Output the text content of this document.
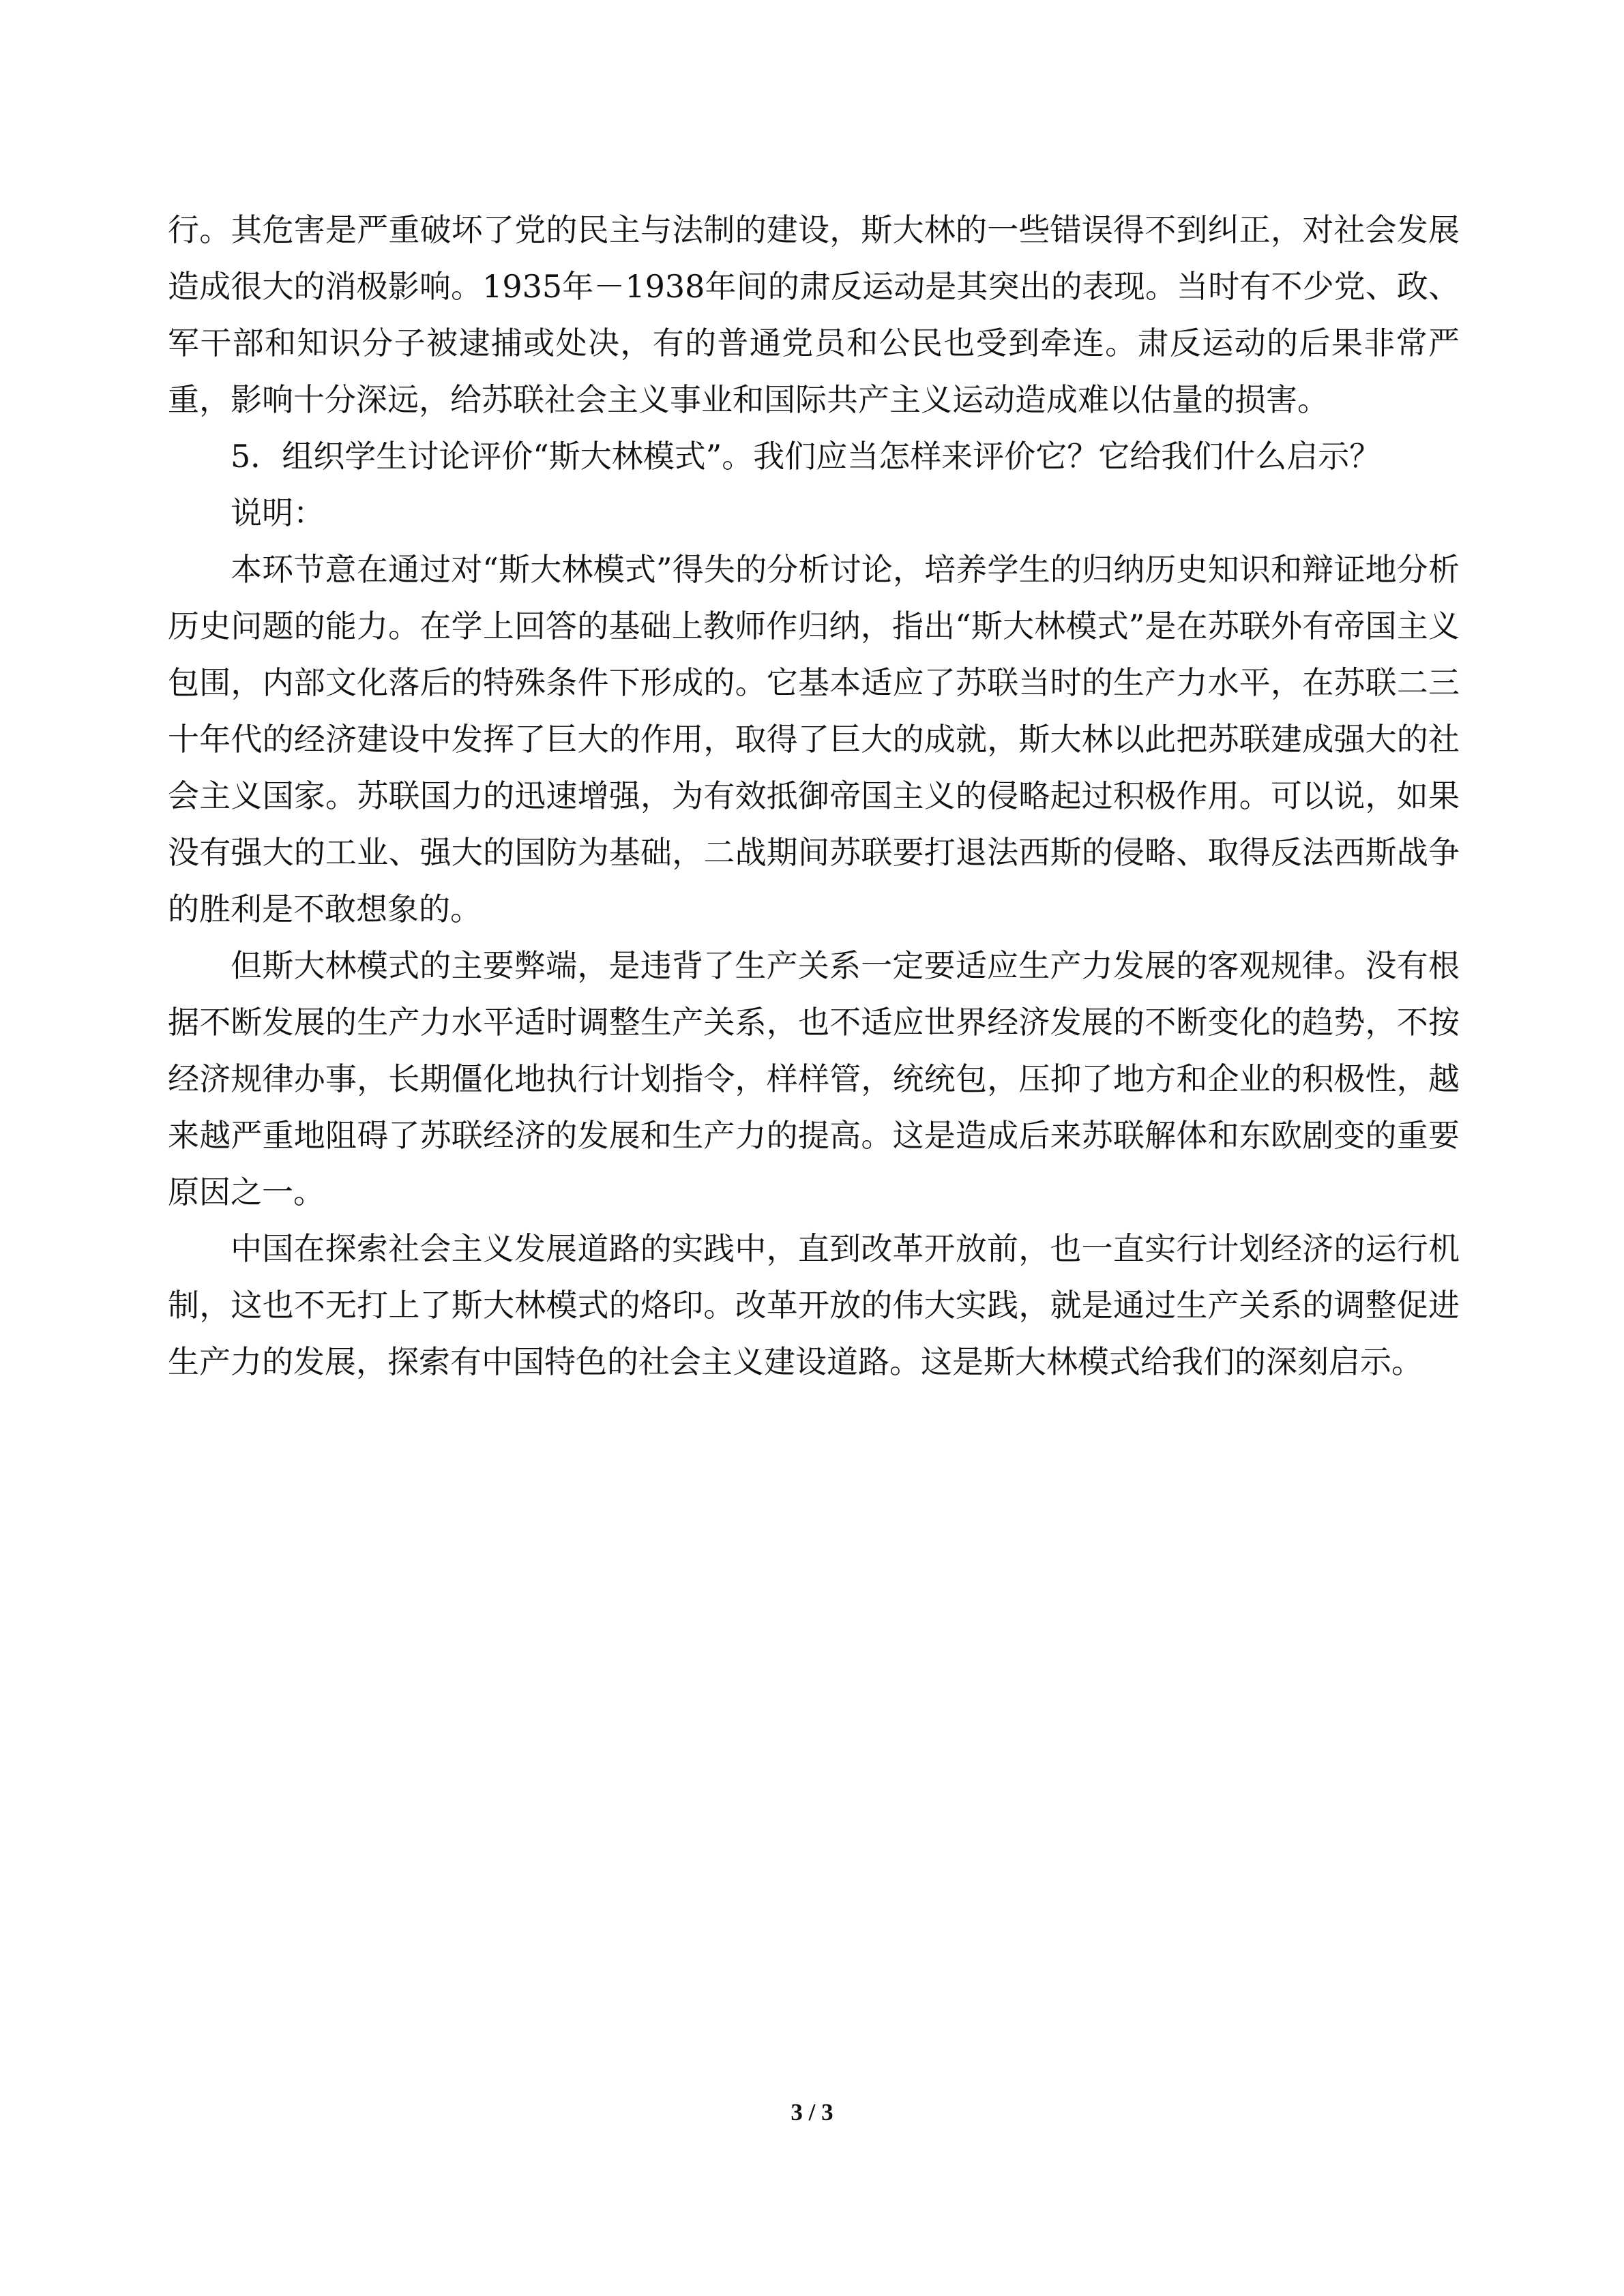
行。其危害是严重破坏了党的民主与法制的建设，斯大林的一些错误得不到纠正，对社会发展造成很大的消极影响。1935年－1938年间的肃反运动是其突出的表现。当时有不少党、政、军干部和知识分子被逮捕或处决，有的普通党员和公民也受到牵连。肃反运动的后果非常严重，影响十分深远，给苏联社会主义事业和国际共产主义运动造成难以估量的损害。

5．组织学生讨论评价“斯大林模式”。我们应当怎样来评价它？它给我们什么启示？

说明：

本环节意在通过对“斯大林模式”得失的分析讨论，培养学生的归纳历史知识和辩证地分析历史问题的能力。在学上回答的基础上教师作归纳，指出“斯大林模式”是在苏联外有帝国主义包围，内部文化落后的特殊条件下形成的。它基本适应了苏联当时的生产力水平，在苏联二三十年代的经济建设中发挥了巨大的作用，取得了巨大的成就，斯大林以此把苏联建成强大的社会主义国家。苏联国力的迅速增强，为有效抵御帝国主义的侵略起过积极作用。可以说，如果没有强大的工业、强大的国防为基础，二战期间苏联要打退法西斯的侵略、取得反法西斯战争的胜利是不敢想象的。

但斯大林模式的主要弊端，是违背了生产关系一定要适应生产力发展的客观规律。没有根据不断发展的生产力水平适时调整生产关系，也不适应世界经济发展的不断变化的趋势，不按经济规律办事，长期僵化地执行计划指令，样样管，统统包，压抑了地方和企业的积极性，越来越严重地阻碍了苏联经济的发展和生产力的提高。这是造成后来苏联解体和东欧剧变的重要原因之一。

中国在探索社会主义发展道路的实践中，直到改革开放前，也一直实行计划经济的运行机制，这也不无打上了斯大林模式的烙印。改革开放的伟大实践，就是通过生产关系的调整促进生产力的发展，探索有中国特色的社会主义建设道路。这是斯大林模式给我们的深刻启示。

3 / 3
